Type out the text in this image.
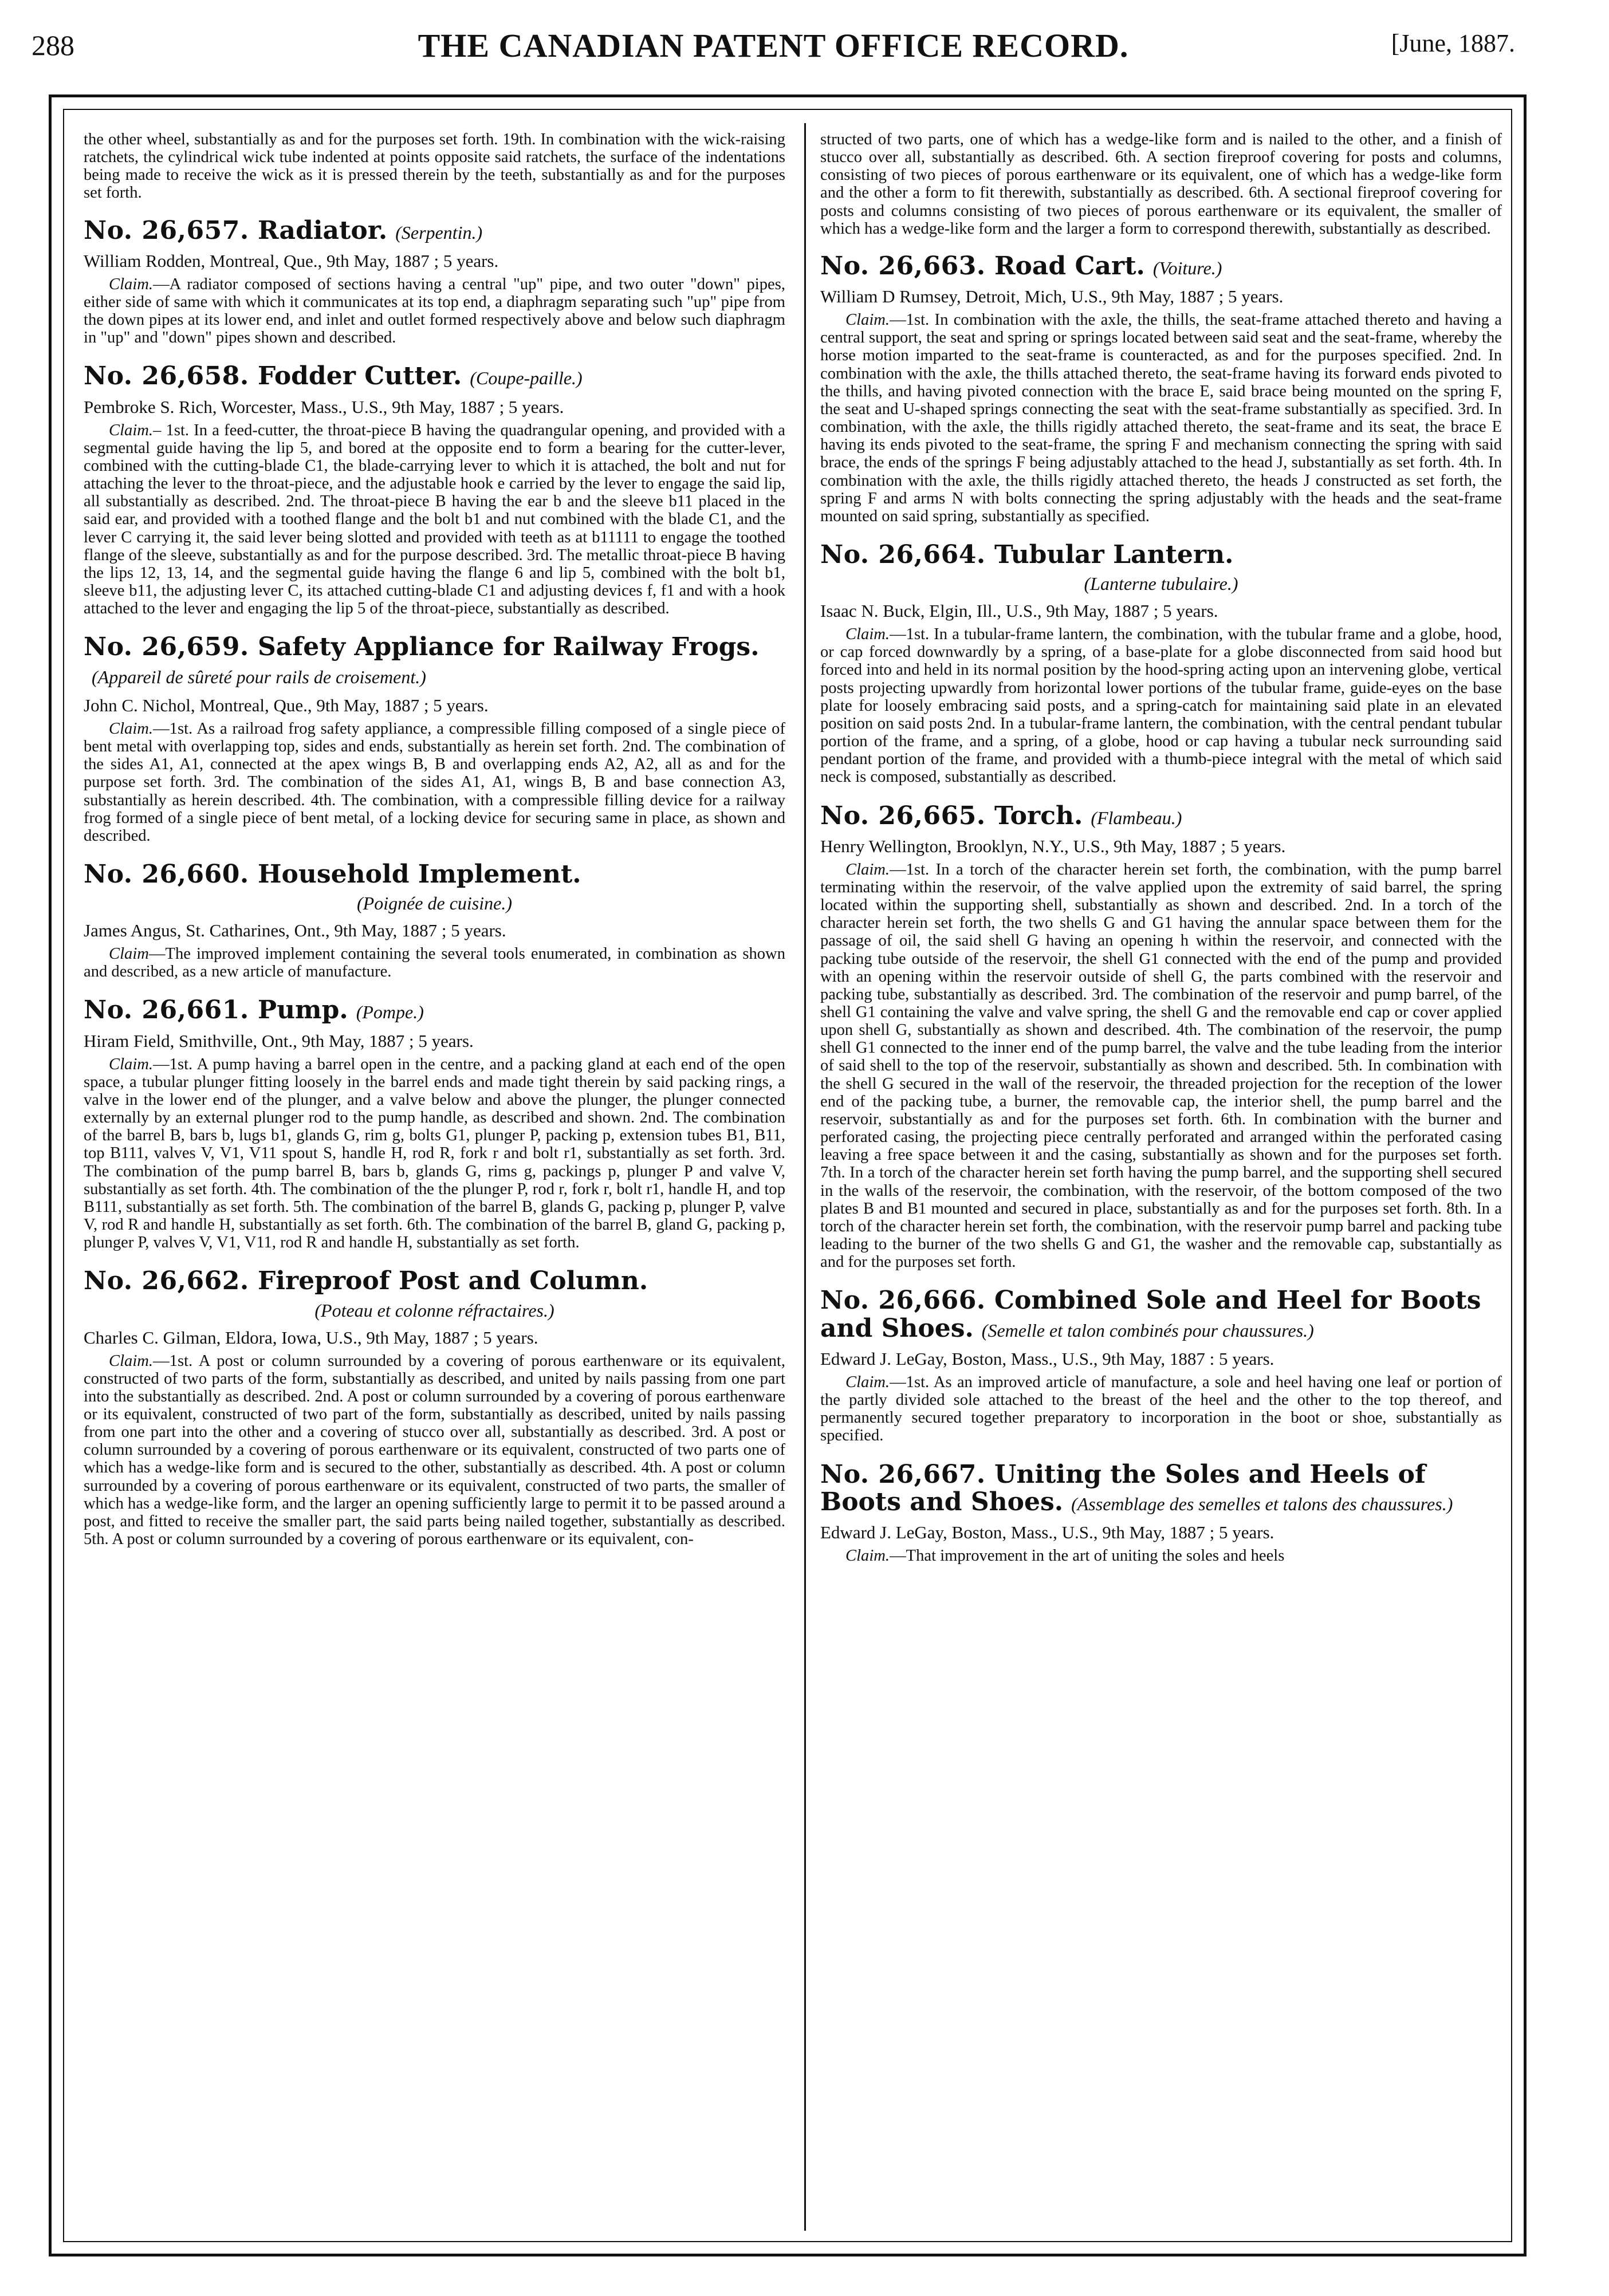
288	THE CANADIAN PATENT OFFICE RECORD.	[June, 1887.

the other wheel, substantially as and for the purposes set forth. 19th. In combination with the wick-raising ratchets, the cylindrical wick tube indented at points opposite said ratchets, the surface of the indentations being made to receive the wick as it is pressed therein by the teeth, substantially as and for the purposes set forth.

No. 26,657. Radiator. (Serpentin.)

William Rodden, Montreal, Que., 9th May, 1887 ; 5 years.

Claim.—A radiator composed of sections having a central "up" pipe, and two outer "down" pipes, either side of same with which it communicates at its top end, a diaphragm separating such "up" pipe from the down pipes at its lower end, and inlet and outlet formed respectively above and below such diaphragm in "up" and "down" pipes shown and described.

No. 26,658. Fodder Cutter. (Coupe-paille.)

Pembroke S. Rich, Worcester, Mass., U.S., 9th May, 1887 ; 5 years.

Claim.– 1st. In a feed-cutter, the throat-piece B having the quadrangular opening, and provided with a segmental guide having the lip 5, and bored at the opposite end to form a bearing for the cutter-lever, combined with the cutting-blade C1, the blade-carrying lever to which it is attached, the bolt and nut for attaching the lever to the throat-piece, and the adjustable hook e carried by the lever to engage the said lip, all substantially as described. 2nd. The throat-piece B having the ear b and the sleeve b11 placed in the said ear, and provided with a toothed flange and the bolt b1 and nut combined with the blade C1, and the lever C carrying it, the said lever being slotted and provided with teeth as at b11111 to engage the toothed flange of the sleeve, substantially as and for the purpose described. 3rd. The metallic throat-piece B having the lips 12, 13, 14, and the segmental guide having the flange 6 and lip 5, combined with the bolt b1, sleeve b11, the adjusting lever C, its attached cutting-blade C1 and adjusting devices f, f1 and with a hook attached to the lever and engaging the lip 5 of the throat-piece, substantially as described.

No. 26,659. Safety Appliance for Railway Frogs.(Appareil de sûreté pour rails de croisement.)

John C. Nichol, Montreal, Que., 9th May, 1887 ; 5 years.

Claim.—1st. As a railroad frog safety appliance, a compressible filling composed of a single piece of bent metal with overlapping top, sides and ends, substantially as herein set forth. 2nd. The combination of the sides A1, A1, connected at the apex wings B, B and overlapping ends A2, A2, all as and for the purpose set forth. 3rd. The combination of the sides A1, A1, wings B, B and base connection A3, substantially as herein described. 4th. The combination, with a compressible filling device for a railway frog formed of a single piece of bent metal, of a locking device for securing same in place, as shown and described.

No. 26,660. Household Implement.
(Poignée de cuisine.)

James Angus, St. Catharines, Ont., 9th May, 1887 ; 5 years.

Claim—The improved implement containing the several tools enumerated, in combination as shown and described, as a new article of manufacture.

No. 26,661. Pump. (Pompe.)

Hiram Field, Smithville, Ont., 9th May, 1887 ; 5 years.

Claim.—1st. A pump having a barrel open in the centre, and a packing gland at each end of the open space, a tubular plunger fitting loosely in the barrel ends and made tight therein by said packing rings, a valve in the lower end of the plunger, and a valve below and above the plunger, the plunger connected externally by an external plunger rod to the pump handle, as described and shown. 2nd. The combination of the barrel B, bars b, lugs b1, glands G, rim g, bolts G1, plunger P, packing p, extension tubes B1, B11, top B111, valves V, V1, V11 spout S, handle H, rod R, fork r and bolt r1, substantially as set forth. 3rd. The combination of the pump barrel B, bars b, glands G, rims g, packings p, plunger P and valve V, substantially as set forth. 4th. The combination of the the plunger P, rod r, fork r, bolt r1, handle H, and top B111, substantially as set forth. 5th. The combination of the barrel B, glands G, packing p, plunger P, valve V, rod R and handle H, substantially as set forth. 6th. The combination of the barrel B, gland G, packing p, plunger P, valves V, V1, V11, rod R and handle H, substantially as set forth.

No. 26,662. Fireproof Post and Column.
(Poteau et colonne réfractaires.)

Charles C. Gilman, Eldora, Iowa, U.S., 9th May, 1887 ; 5 years.

Claim.—1st. A post or column surrounded by a covering of porous earthenware or its equivalent, constructed of two parts of the form, substantially as described, and united by nails passing from one part into the substantially as described. 2nd. A post or column surrounded by a covering of porous earthenware or its equivalent, constructed of two part of the form, substantially as described, united by nails passing from one part into the other and a covering of stucco over all, substantially as described. 3rd. A post or column surrounded by a covering of porous earthenware or its equivalent, constructed of two parts one of which has a wedge-like form and is secured to the other, substantially as described. 4th. A post or column surrounded by a covering of porous earthenware or its equivalent, constructed of two parts, the smaller of which has a wedge-like form, and the larger an opening sufficiently large to permit it to be passed around a post, and fitted to receive the smaller part, the said parts being nailed together, substantially as described. 5th. A post or column surrounded by a covering of porous earthenware or its equivalent, con-

structed of two parts, one of which has a wedge-like form and is nailed to the other, and a finish of stucco over all, substantially as described. 6th. A section fireproof covering for posts and columns, consisting of two pieces of porous earthenware or its equivalent, one of which has a wedge-like form and the other a form to fit therewith, substantially as described. 6th. A sectional fireproof covering for posts and columns consisting of two pieces of porous earthenware or its equivalent, the smaller of which has a wedge-like form and the larger a form to correspond therewith, substantially as described.

No. 26,663. Road Cart. (Voiture.)

William D Rumsey, Detroit, Mich, U.S., 9th May, 1887 ; 5 years.

Claim.—1st. In combination with the axle, the thills, the seat-frame attached thereto and having a central support, the seat and spring or springs located between said seat and the seat-frame, whereby the horse motion imparted to the seat-frame is counteracted, as and for the purposes specified. 2nd. In combination with the axle, the thills attached thereto, the seat-frame having its forward ends pivoted to the thills, and having pivoted connection with the brace E, said brace being mounted on the spring F, the seat and U-shaped springs connecting the seat with the seat-frame substantially as specified. 3rd. In combination, with the axle, the thills rigidly attached thereto, the seat-frame and its seat, the brace E having its ends pivoted to the seat-frame, the spring F and mechanism connecting the spring with said brace, the ends of the springs F being adjustably attached to the head J, substantially as set forth. 4th. In combination with the axle, the thills rigidly attached thereto, the heads J constructed as set forth, the spring F and arms N with bolts connecting the spring adjustably with the heads and the seat-frame mounted on said spring, substantially as specified.

No. 26,664. Tubular Lantern.
(Lanterne tubulaire.)

Isaac N. Buck, Elgin, Ill., U.S., 9th May, 1887 ; 5 years.

Claim.—1st. In a tubular-frame lantern, the combination, with the tubular frame and a globe, hood, or cap forced downwardly by a spring, of a base-plate for a globe disconnected from said hood but forced into and held in its normal position by the hood-spring acting upon an intervening globe, vertical posts projecting upwardly from horizontal lower portions of the tubular frame, guide-eyes on the base plate for loosely embracing said posts, and a spring-catch for maintaining said plate in an elevated position on said posts 2nd. In a tubular-frame lantern, the combination, with the central pendant tubular portion of the frame, and a spring, of a globe, hood or cap having a tubular neck surrounding said pendant portion of the frame, and provided with a thumb-piece integral with the metal of which said neck is composed, substantially as described.

No. 26,665. Torch. (Flambeau.)

Henry Wellington, Brooklyn, N.Y., U.S., 9th May, 1887 ; 5 years.

Claim.—1st. In a torch of the character herein set forth, the combination, with the pump barrel terminating within the reservoir, of the valve applied upon the extremity of said barrel, the spring located within the supporting shell, substantially as shown and described. 2nd. In a torch of the character herein set forth, the two shells G and G1 having the annular space between them for the passage of oil, the said shell G having an opening h within the reservoir, and connected with the packing tube outside of the reservoir, the shell G1 connected with the end of the pump and provided with an opening within the reservoir outside of shell G, the parts combined with the reservoir and packing tube, substantially as described. 3rd. The combination of the reservoir and pump barrel, of the shell G1 containing the valve and valve spring, the shell G and the removable end cap or cover applied upon shell G, substantially as shown and described. 4th. The combination of the reservoir, the pump shell G1 connected to the inner end of the pump barrel, the valve and the tube leading from the interior of said shell to the top of the reservoir, substantially as shown and described. 5th. In combination with the shell G secured in the wall of the reservoir, the threaded projection for the reception of the lower end of the packing tube, a burner, the removable cap, the interior shell, the pump barrel and the reservoir, substantially as and for the purposes set forth. 6th. In combination with the burner and perforated casing, the projecting piece centrally perforated and arranged within the perforated casing leaving a free space between it and the casing, substantially as shown and for the purposes set forth. 7th. In a torch of the character herein set forth having the pump barrel, and the supporting shell secured in the walls of the reservoir, the combination, with the reservoir, of the bottom composed of the two plates B and B1 mounted and secured in place, substantially as and for the purposes set forth. 8th. In a torch of the character herein set forth, the combination, with the reservoir pump barrel and packing tube leading to the burner of the two shells G and G1, the washer and the removable cap, substantially as and for the purposes set forth.

No. 26,666. Combined Sole and Heel for Boots and Shoes. (Semelle et talon combinés pour chaussures.)

Edward J. LeGay, Boston, Mass., U.S., 9th May, 1887 : 5 years.

Claim.—1st. As an improved article of manufacture, a sole and heel having one leaf or portion of the partly divided sole attached to the breast of the heel and the other to the top thereof, and permanently secured together preparatory to incorporation in the boot or shoe, substantially as specified.

No. 26,667. Uniting the Soles and Heels of Boots and Shoes. (Assemblage des semelles et talons des chaussures.)

Edward J. LeGay, Boston, Mass., U.S., 9th May, 1887 ; 5 years.

Claim.—That improvement in the art of uniting the soles and heels
